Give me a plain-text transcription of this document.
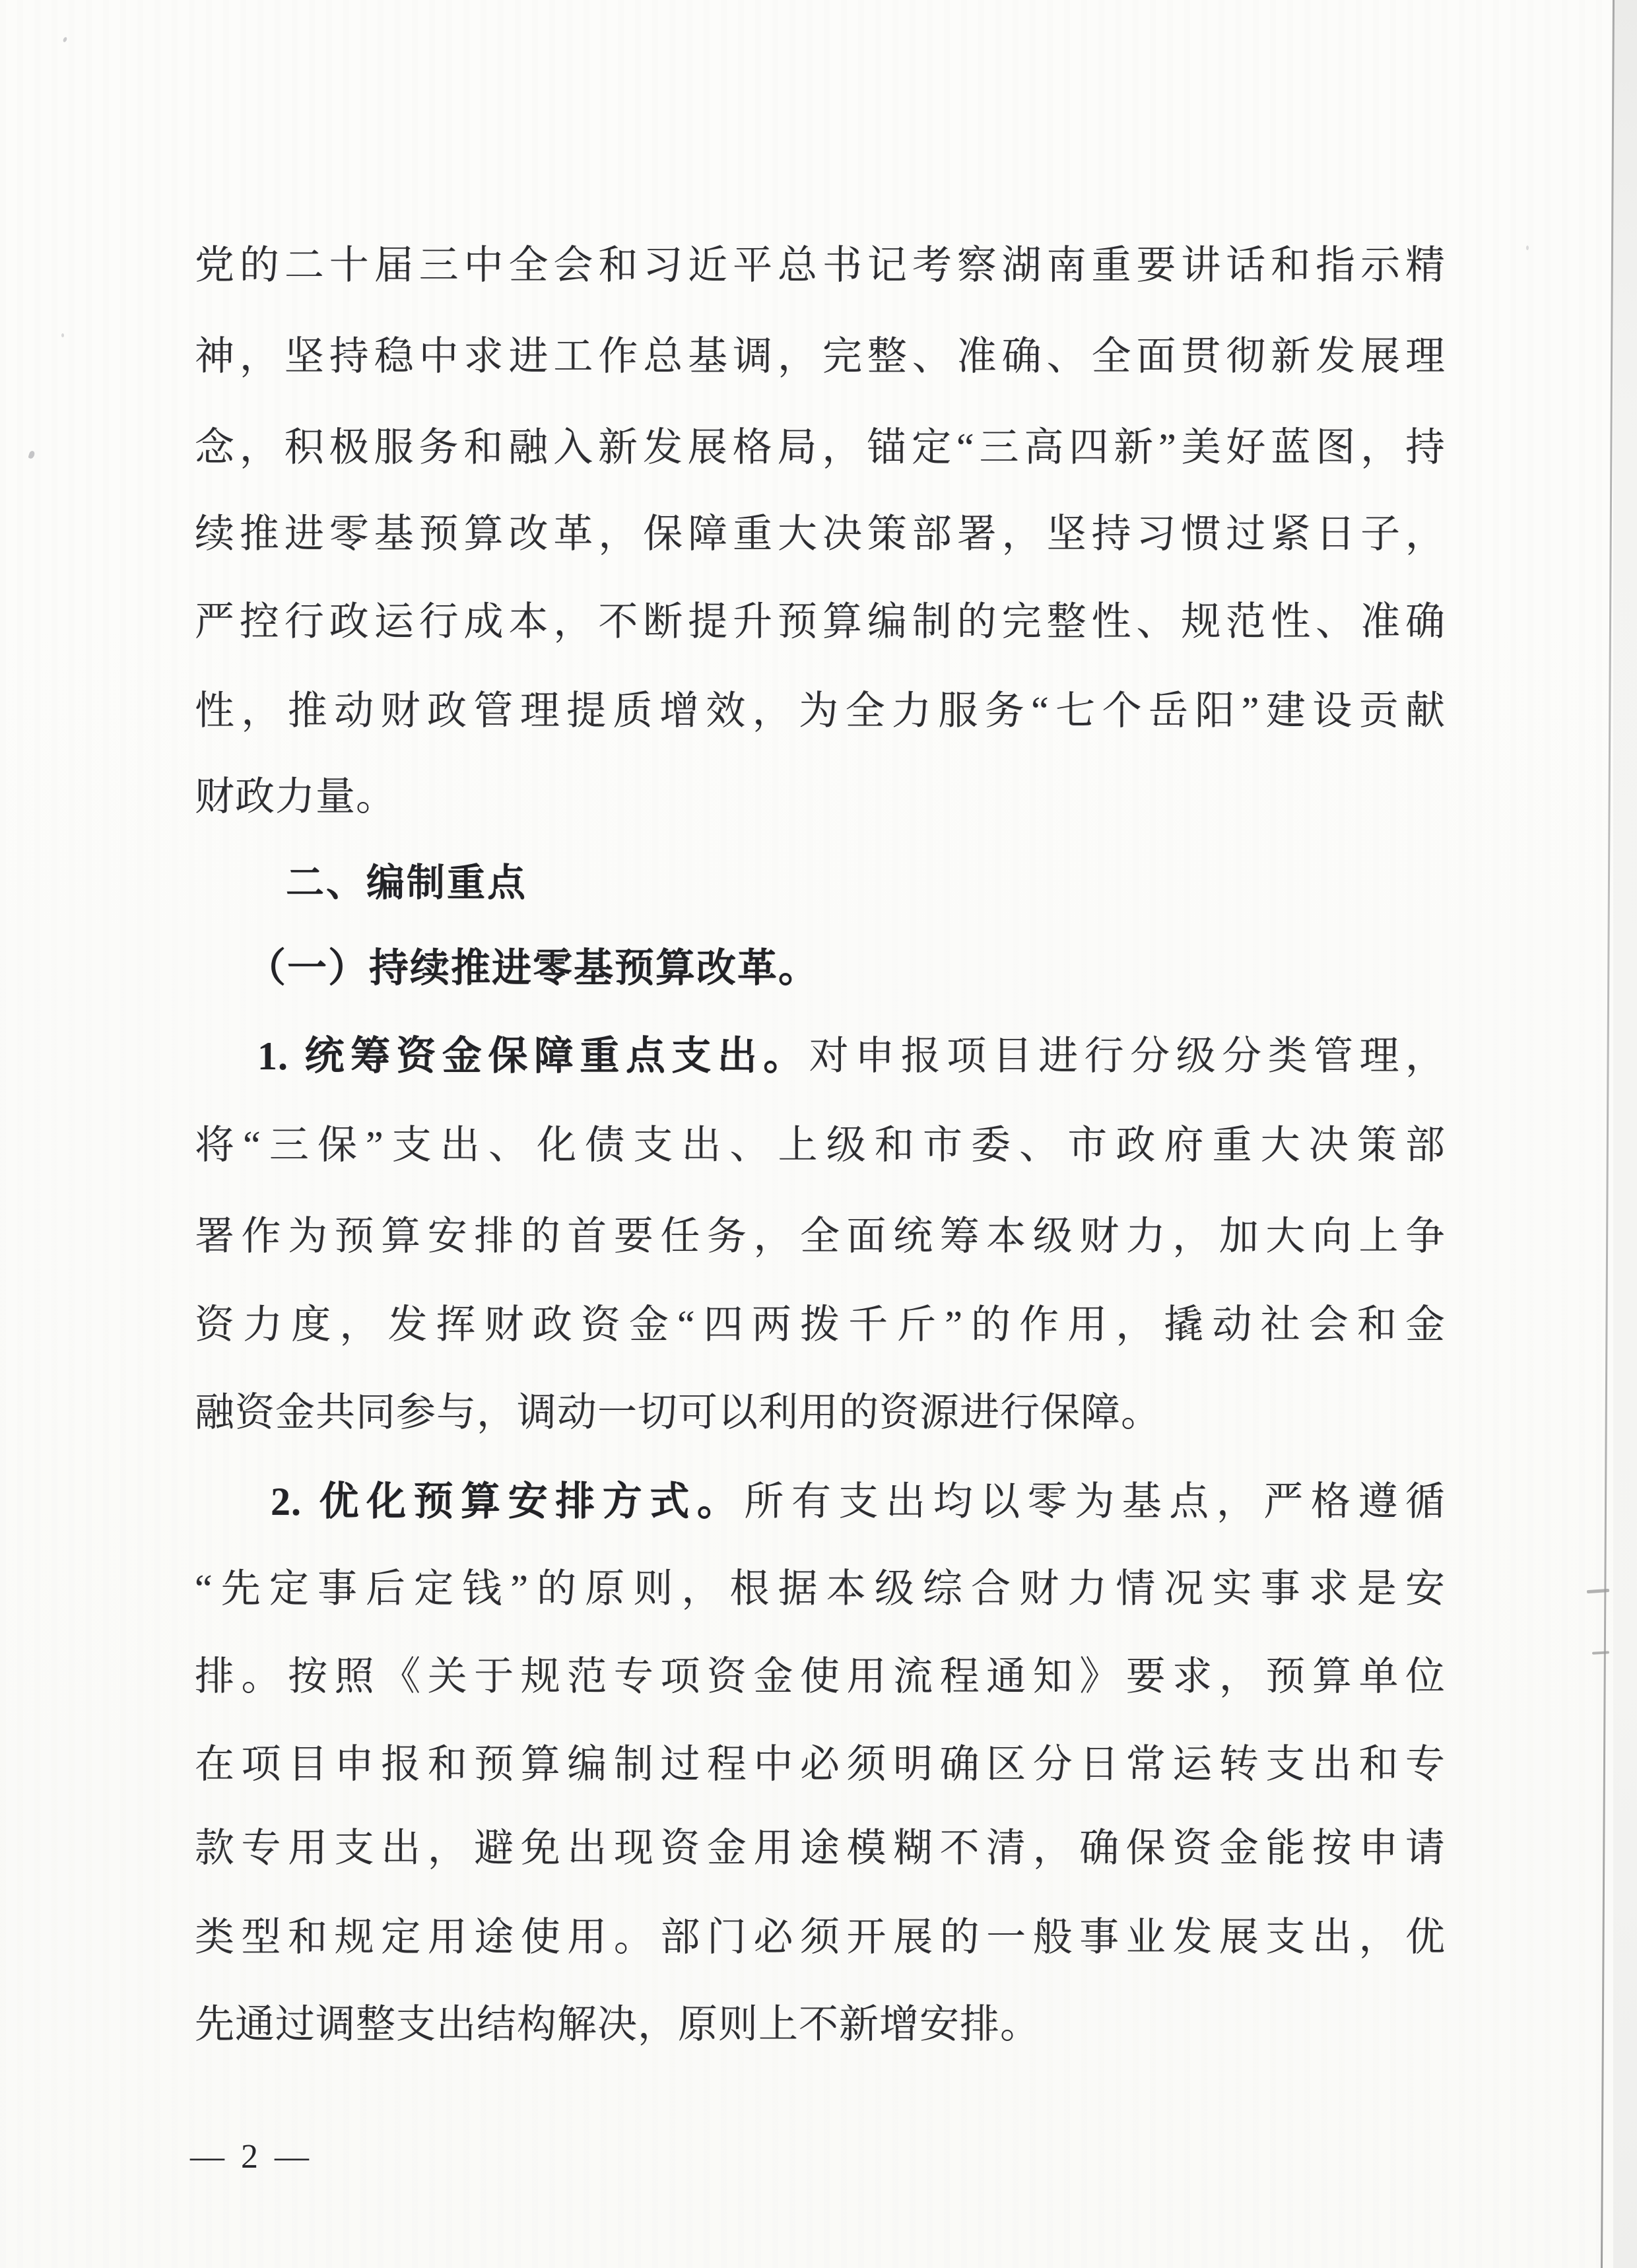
党的二十届三中全会和习近平总书记考察湖南重要讲话和指示精
神，坚持稳中求进工作总基调，完整、准确、全面贯彻新发展理
念，积极服务和融入新发展格局，锚定“三高四新”美好蓝图，持
续推进零基预算改革，保障重大决策部署，坚持习惯过紧日子，
严控行政运行成本，不断提升预算编制的完整性、规范性、准确
性，推动财政管理提质增效，为全力服务“七个岳阳”建设贡献
财政力量。
二、编制重点
（一）持续推进零基预算改革。
1. 统筹资金保障重点支出。对申报项目进行分级分类管理，
将“三保”支出、化债支出、上级和市委、市政府重大决策部
署作为预算安排的首要任务，全面统筹本级财力，加大向上争
资力度，发挥财政资金“四两拨千斤”的作用，撬动社会和金
融资金共同参与，调动一切可以利用的资源进行保障。
2. 优化预算安排方式。所有支出均以零为基点，严格遵循
“先定事后定钱”的原则，根据本级综合财力情况实事求是安
排。按照《关于规范专项资金使用流程通知》要求，预算单位
在项目申报和预算编制过程中必须明确区分日常运转支出和专
款专用支出，避免出现资金用途模糊不清，确保资金能按申请
类型和规定用途使用。部门必须开展的一般事业发展支出，优
先通过调整支出结构解决，原则上不新增安排。
— 2 —
